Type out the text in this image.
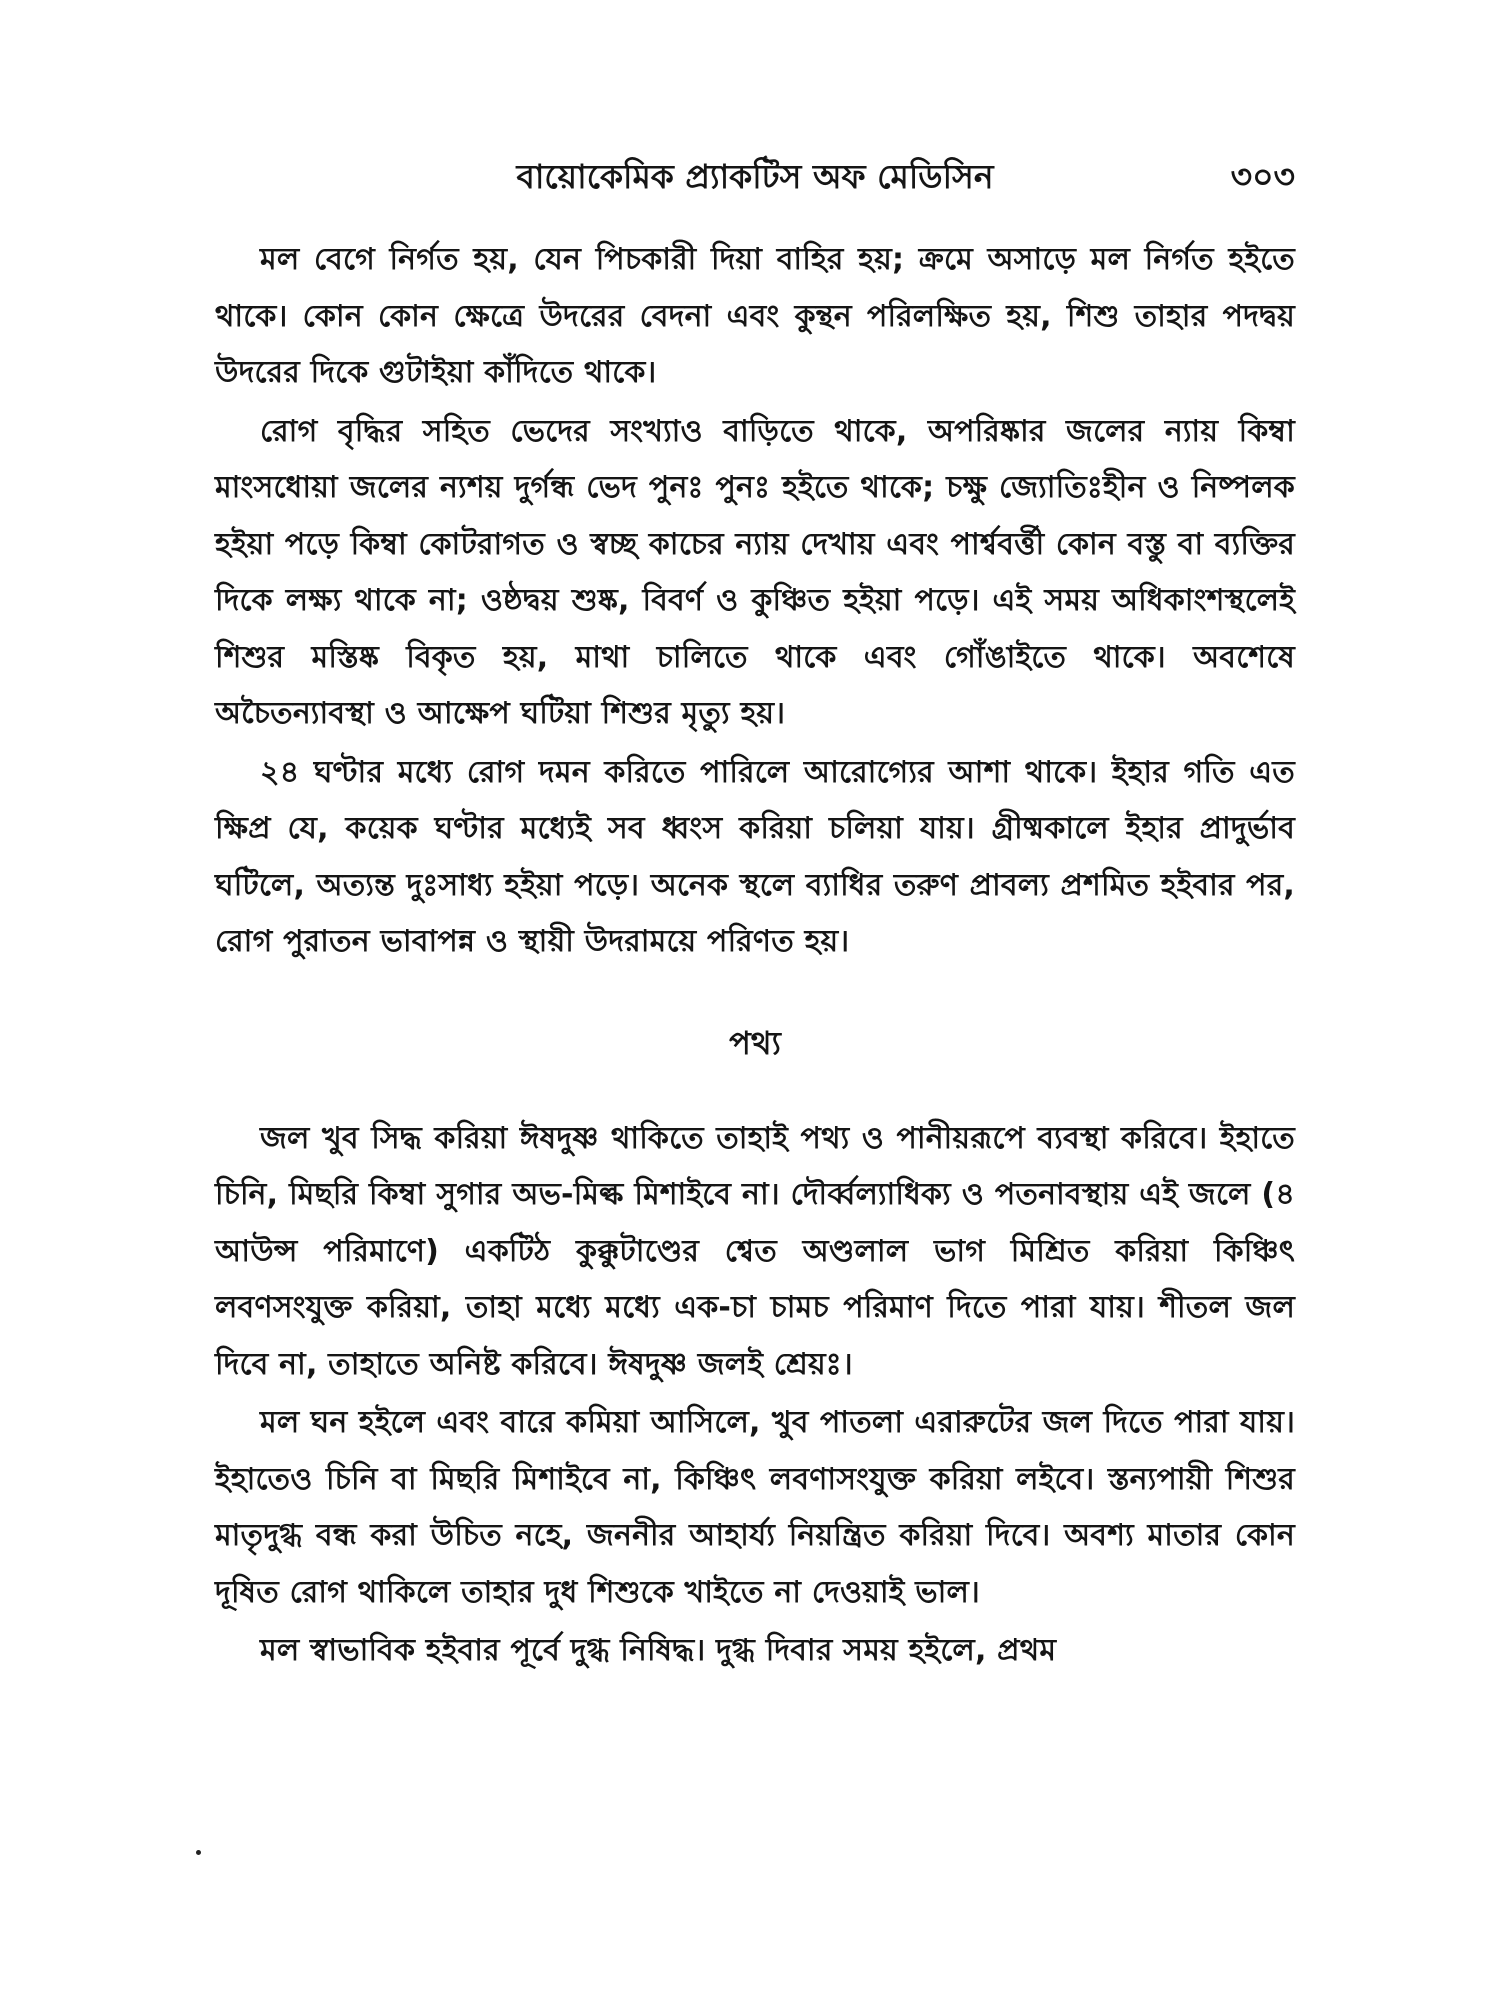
বায়োকেমিক প্র্যাকটিস অফ মেডিসিন	৩০৩

মল বেগে নির্গত হয়, যেন পিচকারী দিয়া বাহির হয়; ক্রমে অসাড়ে মল নির্গত হইতে থাকে। কোন কোন ক্ষেত্রে উদরের বেদনা এবং কুন্থন পরিলক্ষিত হয়, শিশু তাহার পদদ্বয় উদরের দিকে গুটাইয়া কাঁদিতে থাকে।

রোগ বৃদ্ধির সহিত ভেদের সংখ্যাও বাড়িতে থাকে, অপরিষ্কার জলের ন্যায় কিম্বা মাংসধোয়া জলের ন্যশয় দুর্গন্ধ ভেদ পুনঃ পুনঃ হইতে থাকে; চক্ষু জ্যোতিঃহীন ও নিষ্পলক হইয়া পড়ে কিম্বা কোটরাগত ও স্বচ্ছ কাচের ন্যায় দেখায় এবং পার্শ্ববর্ত্তী কোন বস্তু বা ব্যক্তির দিকে লক্ষ্য থাকে না; ওষ্ঠদ্বয় শুষ্ক, বিবর্ণ ও কুঞ্চিত হইয়া পড়ে। এই সময় অধিকাংশস্থলেই শিশুর মস্তিষ্ক বিকৃত হয়, মাথা চালিতে থাকে এবং গোঁঙাইতে থাকে। অবশেষে অচৈতন্যাবস্থা ও আক্ষেপ ঘটিয়া শিশুর মৃত্যু হয়।

২৪ ঘণ্টার মধ্যে রোগ দমন করিতে পারিলে আরোগ্যের আশা থাকে। ইহার গতি এত ক্ষিপ্র যে, কয়েক ঘণ্টার মধ্যেই সব ধ্বংস করিয়া চলিয়া যায়। গ্রীষ্মকালে ইহার প্রাদুর্ভাব ঘটিলে, অত্যন্ত দুঃসাধ্য হইয়া পড়ে। অনেক স্থলে ব্যাধির তরুণ প্রাবল্য প্রশমিত হইবার পর, রোগ পুরাতন ভাবাপন্ন ও স্থায়ী উদরাময়ে পরিণত হয়।

পথ্য

জল খুব সিদ্ধ করিয়া ঈষদুষ্ণ থাকিতে তাহাই পথ্য ও পানীয়রূপে ব্যবস্থা করিবে। ইহাতে চিনি, মিছরি কিম্বা সুগার অভ-মিল্ক মিশাইবে না। দৌর্ব্বল্যাধিক্য ও পতনাবস্থায় এই জলে (৪ আউন্স পরিমাণে) একটিঠ কুক্কুটাণ্ডের শ্বেত অণ্ডলাল ভাগ মিশ্রিত করিয়া কিঞ্চিৎ লবণসংযুক্ত করিয়া, তাহা মধ্যে মধ্যে এক-চা চামচ পরিমাণ দিতে পারা যায়। শীতল জল দিবে না, তাহাতে অনিষ্ট করিবে। ঈষদুষ্ণ জলই শ্রেয়ঃ।

মল ঘন হইলে এবং বারে কমিয়া আসিলে, খুব পাতলা এরারুটের জল দিতে পারা যায়। ইহাতেও চিনি বা মিছরি মিশাইবে না, কিঞ্চিৎ লবণাসংযুক্ত করিয়া লইবে। স্তন্যপায়ী শিশুর মাতৃদুগ্ধ বন্ধ করা উচিত নহে, জননীর আহার্য্য নিয়ন্ত্রিত করিয়া দিবে। অবশ্য মাতার কোন দূষিত রোগ থাকিলে তাহার দুধ শিশুকে খাইতে না দেওয়াই ভাল।

মল স্বাভাবিক হইবার পূর্বে দুগ্ধ নিষিদ্ধ। দুগ্ধ দিবার সময় হইলে, প্রথম
